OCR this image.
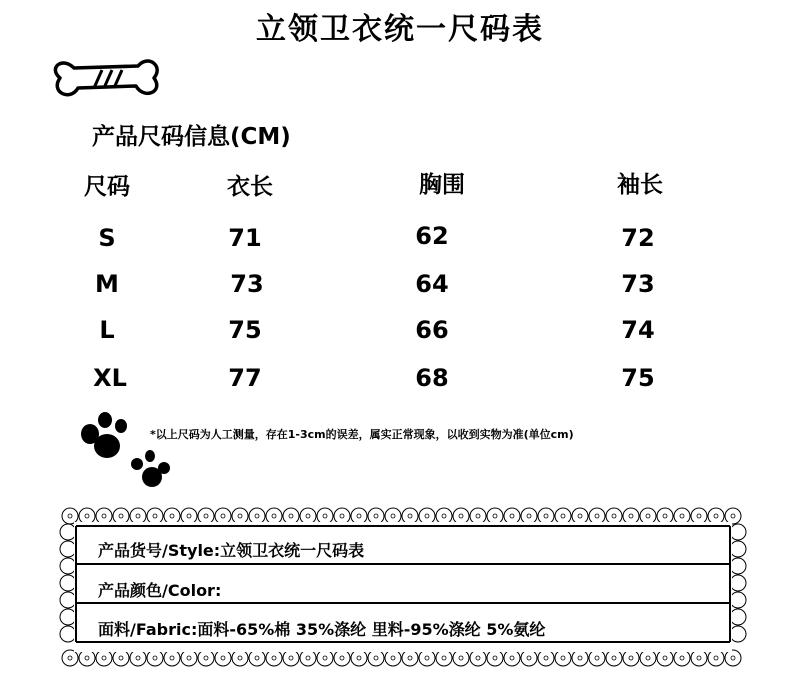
立领卫衣统一尺码表
产品尺码信息(CM)
尺码	衣长	胸围	袖长
S	71	62	72
M	73	64	73
L	75	66	74
XL	77	68	75
*以上尺码为人工测量，存在1-3cm的误差，属实正常现象，以收到实物为准(单位cm)
产品货号/Style:立领卫衣统一尺码表
产品颜色/Color:
面料/Fabric:面料-65%棉 35%涤纶 里料-95%涤纶 5%氨纶
